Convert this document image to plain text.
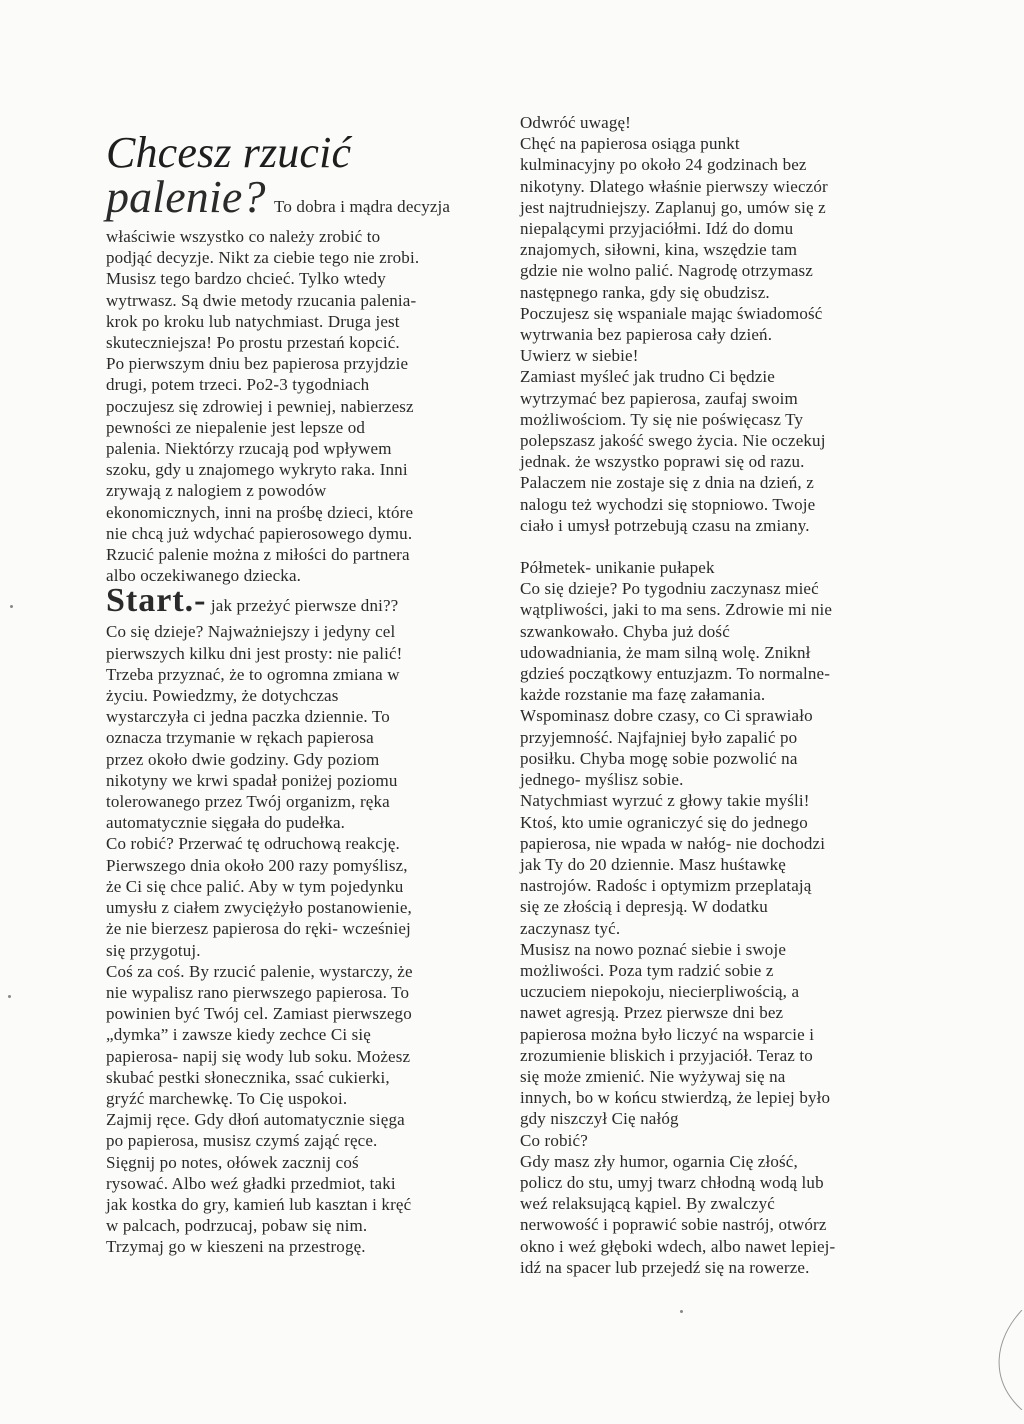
Chcesz rzucić

palenie? To dobra i mądra decyzja

właściwie wszystko co należy zrobić to

podjąć decyzje. Nikt za ciebie tego nie zrobi.

Musisz tego bardzo chcieć. Tylko wtedy

wytrwasz. Są dwie metody rzucania palenia-

krok po kroku lub natychmiast. Druga jest

skuteczniejsza! Po prostu przestań kopcić.

Po pierwszym dniu bez papierosa przyjdzie

drugi, potem trzeci. Po2-3 tygodniach

poczujesz się zdrowiej i pewniej, nabierzesz

pewności ze niepalenie jest lepsze od

palenia. Niektórzy rzucają pod wpływem

szoku, gdy u znajomego wykryto raka. Inni

zrywają z nalogiem z powodów

ekonomicznych, inni na prośbę dzieci, które

nie chcą już wdychać papierosowego dymu.

Rzucić palenie można z miłości do partnera

albo oczekiwanego dziecka.

Start.- jak przeżyć pierwsze dni??

Co się dzieje? Najważniejszy i jedyny cel

pierwszych kilku dni jest prosty: nie palić!

Trzeba przyznać, że to ogromna zmiana w

życiu. Powiedzmy, że dotychczas

wystarczyła ci jedna paczka dziennie. To

oznacza trzymanie w rękach papierosa

przez około dwie godziny. Gdy poziom

nikotyny we krwi spadał poniżej poziomu

tolerowanego przez Twój organizm, ręka

automatycznie sięgała do pudełka.

Co robić? Przerwać tę odruchową reakcję.

Pierwszego dnia około 200 razy pomyślisz,

że Ci się chce palić. Aby w tym pojedynku

umysłu z ciałem zwyciężyło postanowienie,

że nie bierzesz papierosa do ręki- wcześniej

się przygotuj.

Coś za coś. By rzucić palenie, wystarczy, że

nie wypalisz rano pierwszego papierosa. To

powinien być Twój cel. Zamiast pierwszego

„dymka” i zawsze kiedy zechce Ci się

papierosa- napij się wody lub soku. Możesz

skubać pestki słonecznika, ssać cukierki,

gryźć marchewkę. To Cię uspokoi.

Zajmij ręce. Gdy dłoń automatycznie sięga

po papierosa, musisz czymś zająć ręce.

Sięgnij po notes, ołówek zacznij coś

rysować. Albo weź gładki przedmiot, taki

jak kostka do gry, kamień lub kasztan i kręć

w palcach, podrzucaj, pobaw się nim.

Trzymaj go w kieszeni na przestrogę.

Odwróć uwagę!

Chęć na papierosa osiąga punkt

kulminacyjny po około 24 godzinach bez

nikotyny. Dlatego właśnie pierwszy wieczór

jest najtrudniejszy. Zaplanuj go, umów się z

niepalącymi przyjaciółmi. Idź do domu

znajomych, siłowni, kina, wszędzie tam

gdzie nie wolno palić. Nagrodę otrzymasz

następnego ranka, gdy się obudzisz.

Poczujesz się wspaniale mając świadomość

wytrwania bez papierosa cały dzień.

Uwierz w siebie!

Zamiast myśleć jak trudno Ci będzie

wytrzymać bez papierosa, zaufaj swoim

możliwościom. Ty się nie poświęcasz Ty

polepszasz jakość swego życia. Nie oczekuj

jednak. że wszystko poprawi się od razu.

Palaczem nie zostaje się z dnia na dzień, z

nalogu też wychodzi się stopniowo. Twoje

ciało i umysł potrzebują czasu na zmiany.

Półmetek- unikanie pułapek

Co się dzieje? Po tygodniu zaczynasz mieć

wątpliwości, jaki to ma sens. Zdrowie mi nie

szwankowało. Chyba już dość

udowadniania, że mam silną wolę. Zniknł

gdzieś początkowy entuzjazm. To normalne-

każde rozstanie ma fazę załamania.

Wspominasz dobre czasy, co Ci sprawiało

przyjemność. Najfajniej było zapalić po

posiłku. Chyba mogę sobie pozwolić na

jednego- myślisz sobie.

Natychmiast wyrzuć z głowy takie myśli!

Ktoś, kto umie ograniczyć się do jednego

papierosa, nie wpada w nałóg- nie dochodzi

jak Ty do 20 dziennie. Masz huśtawkę

nastrojów. Radośc i optymizm przeplatają

się ze złością i depresją. W dodatku

zaczynasz tyć.

Musisz na nowo poznać siebie i swoje

możliwości. Poza tym radzić sobie z

uczuciem niepokoju, niecierpliwością, a

nawet agresją. Przez pierwsze dni bez

papierosa można było liczyć na wsparcie i

zrozumienie bliskich i przyjaciół. Teraz to

się może zmienić. Nie wyżywaj się na

innych, bo w końcu stwierdzą, że lepiej było

gdy niszczył Cię nałóg

Co robić?

Gdy masz zły humor, ogarnia Cię złość,

policz do stu, umyj twarz chłodną wodą lub

weź relaksującą kąpiel. By zwalczyć

nerwowość i poprawić sobie nastrój, otwórz

okno i weź głęboki wdech, albo nawet lepiej-

idź na spacer lub przejedź się na rowerze.
